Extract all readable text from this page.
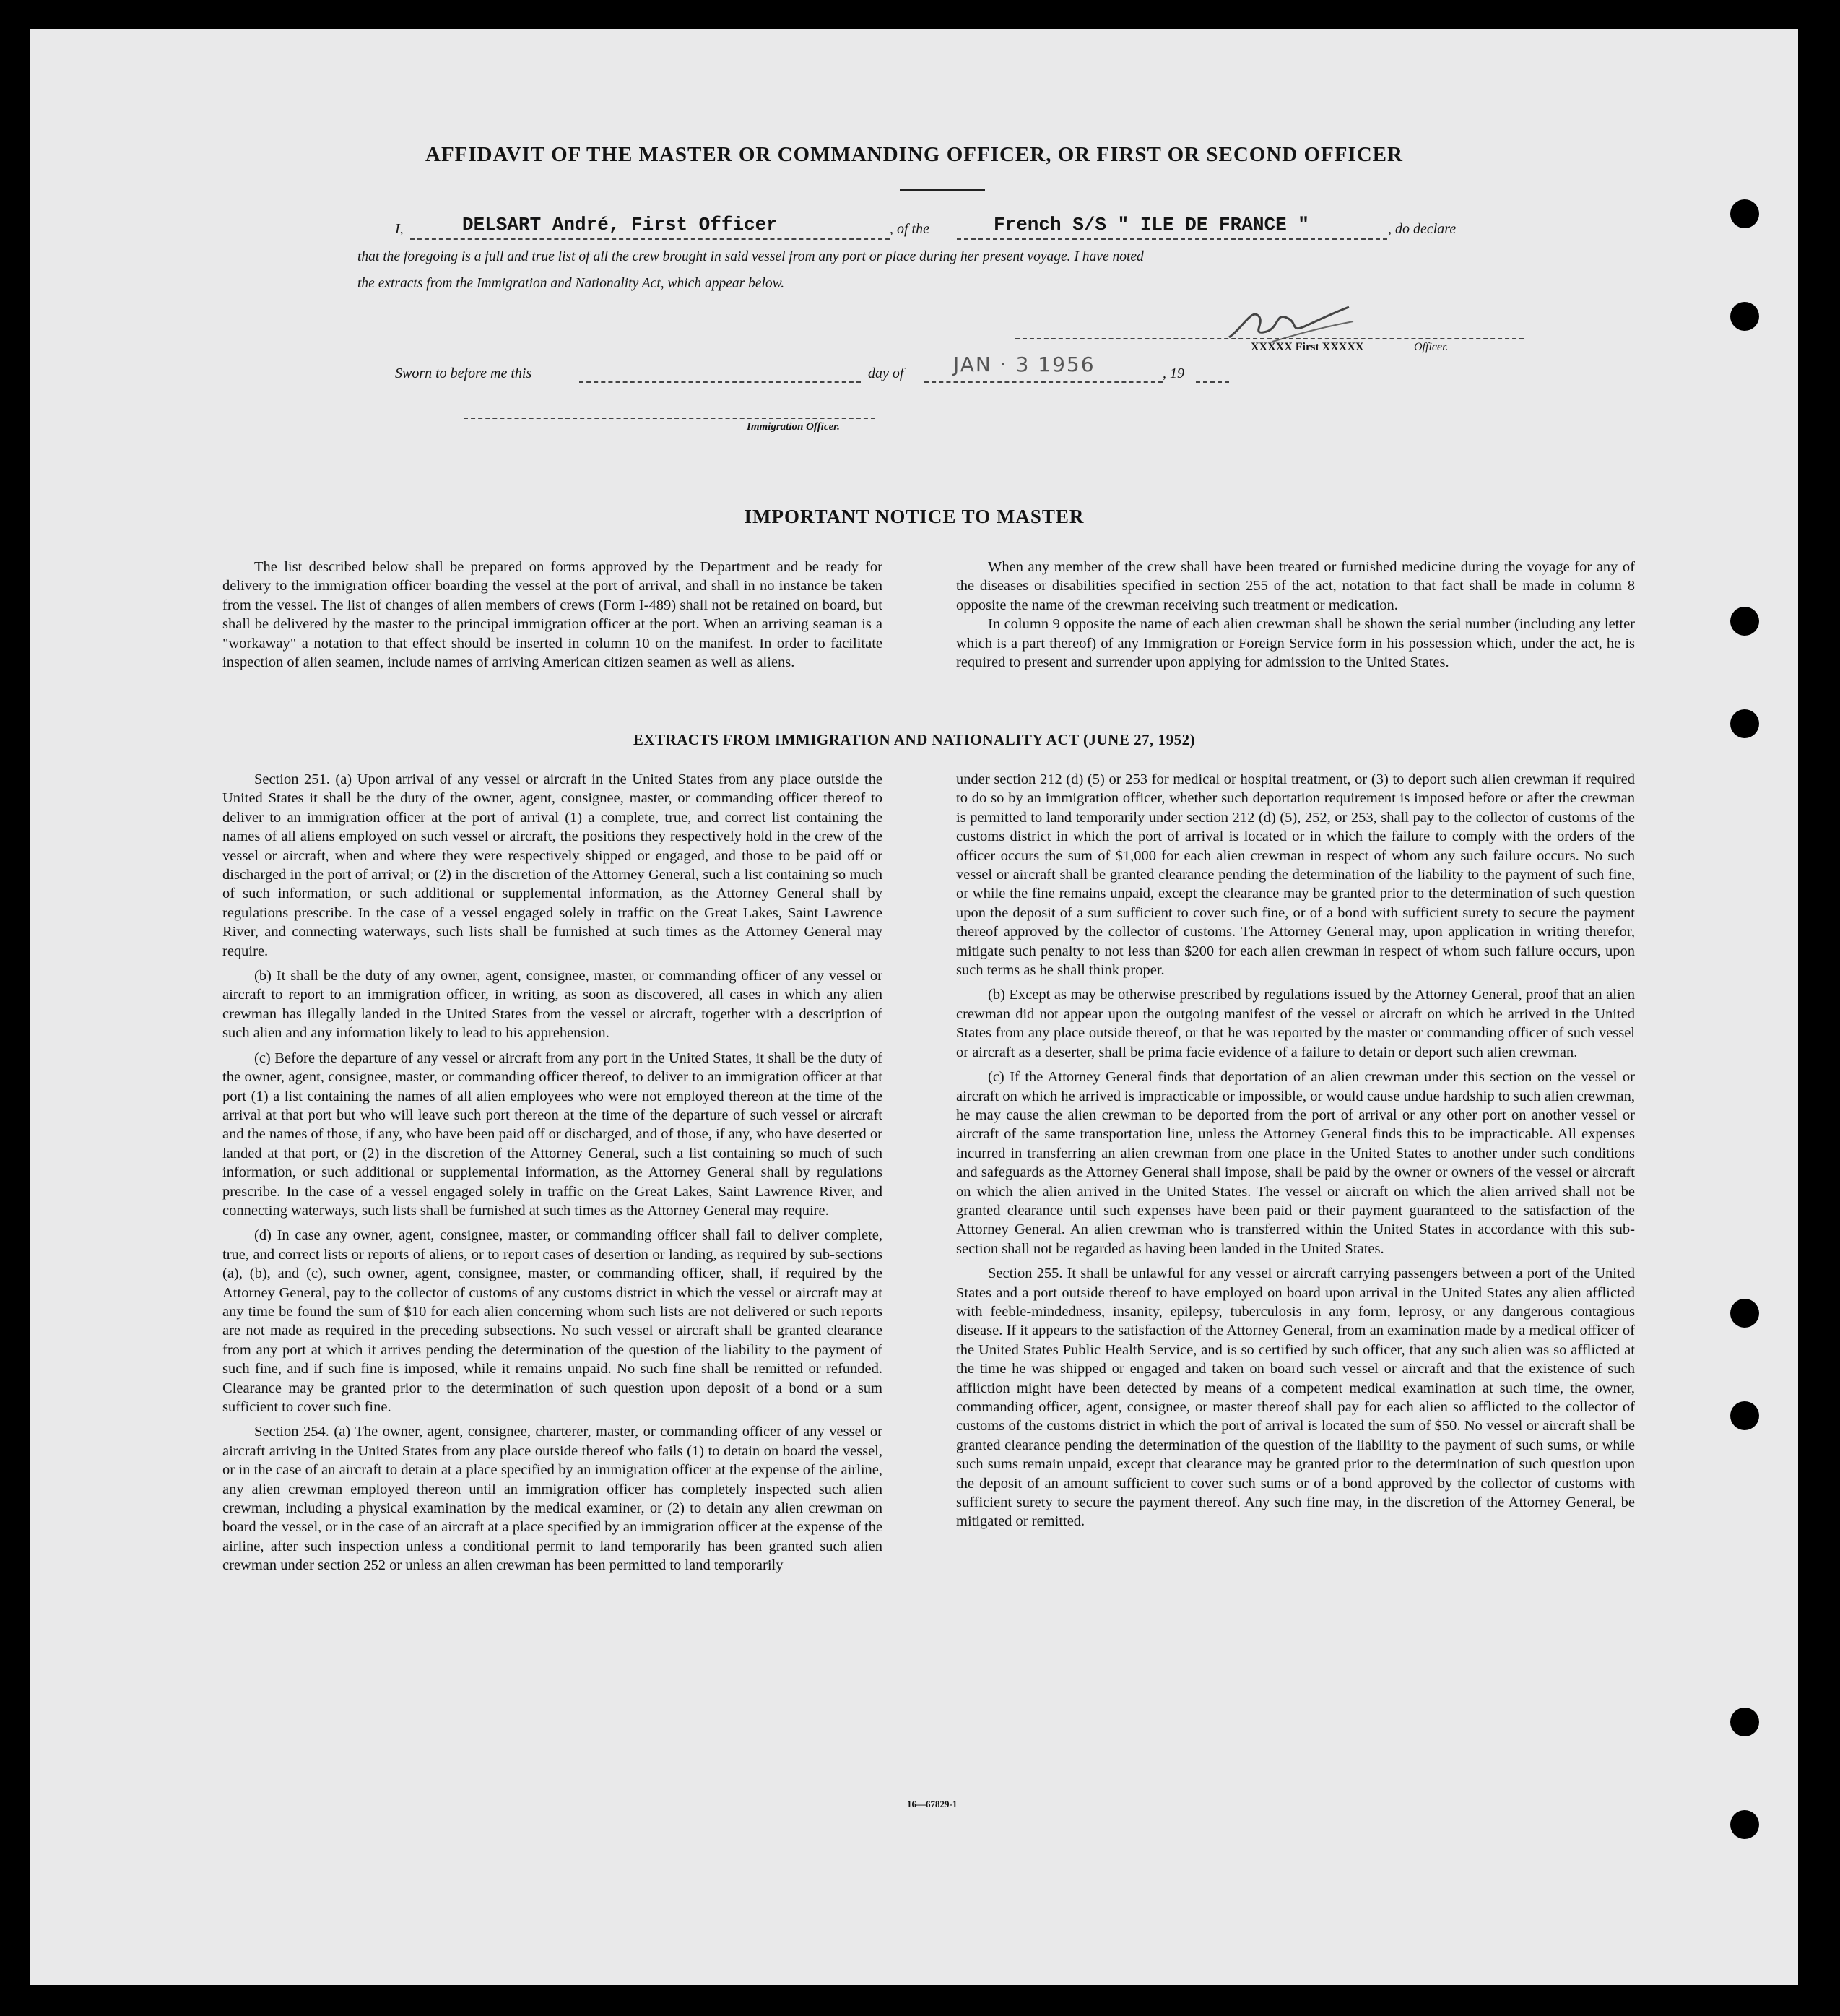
AFFIDAVIT OF THE MASTER OR COMMANDING OFFICER, OR FIRST OR SECOND OFFICER
I,	DELSART André, First Officer	, of the	French S/S " ILE DE FRANCE "	, do declare
that the foregoing is a full and true list of all the crew brought in said vessel from any port or place during her present voyage. I have noted
the extracts from the Immigration and Nationality Act, which appear below.
XXXXX First XXXXX	Officer.
Sworn to before me this	day of JAN · 3 1956	, 19
Immigration Officer.
IMPORTANT NOTICE TO MASTER

The list described below shall be prepared on forms approved by the Department and be ready for delivery to the immigration officer boarding the vessel at the port of arrival, and shall in no instance be taken from the vessel. The list of changes of alien members of crews (Form I-489) shall not be retained on board, but shall be delivered by the master to the principal immigration officer at the port. When an arriving seaman is a "workaway" a notation to that effect should be inserted in column 10 on the manifest. In order to facilitate inspection of alien seamen, include names of arriving American citizen seamen as well as aliens.

When any member of the crew shall have been treated or furnished medicine during the voyage for any of the diseases or disabilities specified in section 255 of the act, notation to that fact shall be made in column 8 opposite the name of the crewman receiving such treatment or medication.

In column 9 opposite the name of each alien crewman shall be shown the serial number (including any letter which is a part thereof) of any Immigration or Foreign Service form in his possession which, under the act, he is required to present and surrender upon applying for admission to the United States.

EXTRACTS FROM IMMIGRATION AND NATIONALITY ACT (JUNE 27, 1952)

Section 251. (a) Upon arrival of any vessel or aircraft in the United States from any place outside the United States it shall be the duty of the owner, agent, consignee, master, or commanding officer thereof to deliver to an immigration officer at the port of arrival (1) a complete, true, and correct list containing the names of all aliens employed on such vessel or aircraft, the positions they respectively hold in the crew of the vessel or aircraft, when and where they were respectively shipped or engaged, and those to be paid off or discharged in the port of arrival; or (2) in the discretion of the Attorney General, such a list containing so much of such information, or such additional or supplemental information, as the Attorney General shall by regulations prescribe. In the case of a vessel engaged solely in traffic on the Great Lakes, Saint Lawrence River, and connecting waterways, such lists shall be furnished at such times as the Attorney General may require.

(b) It shall be the duty of any owner, agent, consignee, master, or commanding officer of any vessel or aircraft to report to an immigration officer, in writing, as soon as discovered, all cases in which any alien crewman has illegally landed in the United States from the vessel or aircraft, together with a description of such alien and any information likely to lead to his apprehension.

(c) Before the departure of any vessel or aircraft from any port in the United States, it shall be the duty of the owner, agent, consignee, master, or commanding officer thereof, to deliver to an immigration officer at that port (1) a list containing the names of all alien employees who were not employed thereon at the time of the arrival at that port but who will leave such port thereon at the time of the departure of such vessel or aircraft and the names of those, if any, who have been paid off or discharged, and of those, if any, who have deserted or landed at that port, or (2) in the discretion of the Attorney General, such a list containing so much of such information, or such additional or supplemental information, as the Attorney General shall by regulations prescribe. In the case of a vessel engaged solely in traffic on the Great Lakes, Saint Lawrence River, and connecting waterways, such lists shall be furnished at such times as the Attorney General may require.

(d) In case any owner, agent, consignee, master, or commanding officer shall fail to deliver complete, true, and correct lists or reports of aliens, or to report cases of desertion or landing, as required by sub-sections (a), (b), and (c), such owner, agent, consignee, master, or commanding officer, shall, if required by the Attorney General, pay to the collector of customs of any customs district in which the vessel or aircraft may at any time be found the sum of $10 for each alien concerning whom such lists are not delivered or such reports are not made as required in the preceding subsections. No such vessel or aircraft shall be granted clearance from any port at which it arrives pending the determination of the question of the liability to the payment of such fine, and if such fine is imposed, while it remains unpaid. No such fine shall be remitted or refunded. Clearance may be granted prior to the determination of such question upon deposit of a bond or a sum sufficient to cover such fine.

Section 254. (a) The owner, agent, consignee, charterer, master, or commanding officer of any vessel or aircraft arriving in the United States from any place outside thereof who fails (1) to detain on board the vessel, or in the case of an aircraft to detain at a place specified by an immigration officer at the expense of the airline, any alien crewman employed thereon until an immigration officer has completely inspected such alien crewman, including a physical examination by the medical examiner, or (2) to detain any alien crewman on board the vessel, or in the case of an aircraft at a place specified by an immigration officer at the expense of the airline, after such inspection unless a conditional permit to land temporarily has been granted such alien crewman under section 252 or unless an alien crewman has been permitted to land temporarily

under section 212 (d) (5) or 253 for medical or hospital treatment, or (3) to deport such alien crewman if required to do so by an immigration officer, whether such deportation requirement is imposed before or after the crewman is permitted to land temporarily under section 212 (d) (5), 252, or 253, shall pay to the collector of customs of the customs district in which the port of arrival is located or in which the failure to comply with the orders of the officer occurs the sum of $1,000 for each alien crewman in respect of whom any such failure occurs. No such vessel or aircraft shall be granted clearance pending the determination of the liability to the payment of such fine, or while the fine remains unpaid, except the clearance may be granted prior to the determination of such question upon the deposit of a sum sufficient to cover such fine, or of a bond with sufficient surety to secure the payment thereof approved by the collector of customs. The Attorney General may, upon application in writing therefor, mitigate such penalty to not less than $200 for each alien crewman in respect of whom such failure occurs, upon such terms as he shall think proper.

(b) Except as may be otherwise prescribed by regulations issued by the Attorney General, proof that an alien crewman did not appear upon the outgoing manifest of the vessel or aircraft on which he arrived in the United States from any place outside thereof, or that he was reported by the master or commanding officer of such vessel or aircraft as a deserter, shall be prima facie evidence of a failure to detain or deport such alien crewman.

(c) If the Attorney General finds that deportation of an alien crewman under this section on the vessel or aircraft on which he arrived is impracticable or impossible, or would cause undue hardship to such alien crewman, he may cause the alien crewman to be deported from the port of arrival or any other port on another vessel or aircraft of the same transportation line, unless the Attorney General finds this to be impracticable. All expenses incurred in transferring an alien crewman from one place in the United States to another under such conditions and safeguards as the Attorney General shall impose, shall be paid by the owner or owners of the vessel or aircraft on which the alien arrived in the United States. The vessel or aircraft on which the alien arrived shall not be granted clearance until such expenses have been paid or their payment guaranteed to the satisfaction of the Attorney General. An alien crewman who is transferred within the United States in accordance with this sub-section shall not be regarded as having been landed in the United States.

Section 255. It shall be unlawful for any vessel or aircraft carrying passengers between a port of the United States and a port outside thereof to have employed on board upon arrival in the United States any alien afflicted with feeble-mindedness, insanity, epilepsy, tuberculosis in any form, leprosy, or any dangerous contagious disease. If it appears to the satisfaction of the Attorney General, from an examination made by a medical officer of the United States Public Health Service, and is so certified by such officer, that any such alien was so afflicted at the time he was shipped or engaged and taken on board such vessel or aircraft and that the existence of such affliction might have been detected by means of a competent medical examination at such time, the owner, commanding officer, agent, consignee, or master thereof shall pay for each alien so afflicted to the collector of customs of the customs district in which the port of arrival is located the sum of $50. No vessel or aircraft shall be granted clearance pending the determination of the question of the liability to the payment of such sums, or while such sums remain unpaid, except that clearance may be granted prior to the determination of such question upon the deposit of an amount sufficient to cover such sums or of a bond approved by the collector of customs with sufficient surety to secure the payment thereof. Any such fine may, in the discretion of the Attorney General, be mitigated or remitted.

16—67829-1
